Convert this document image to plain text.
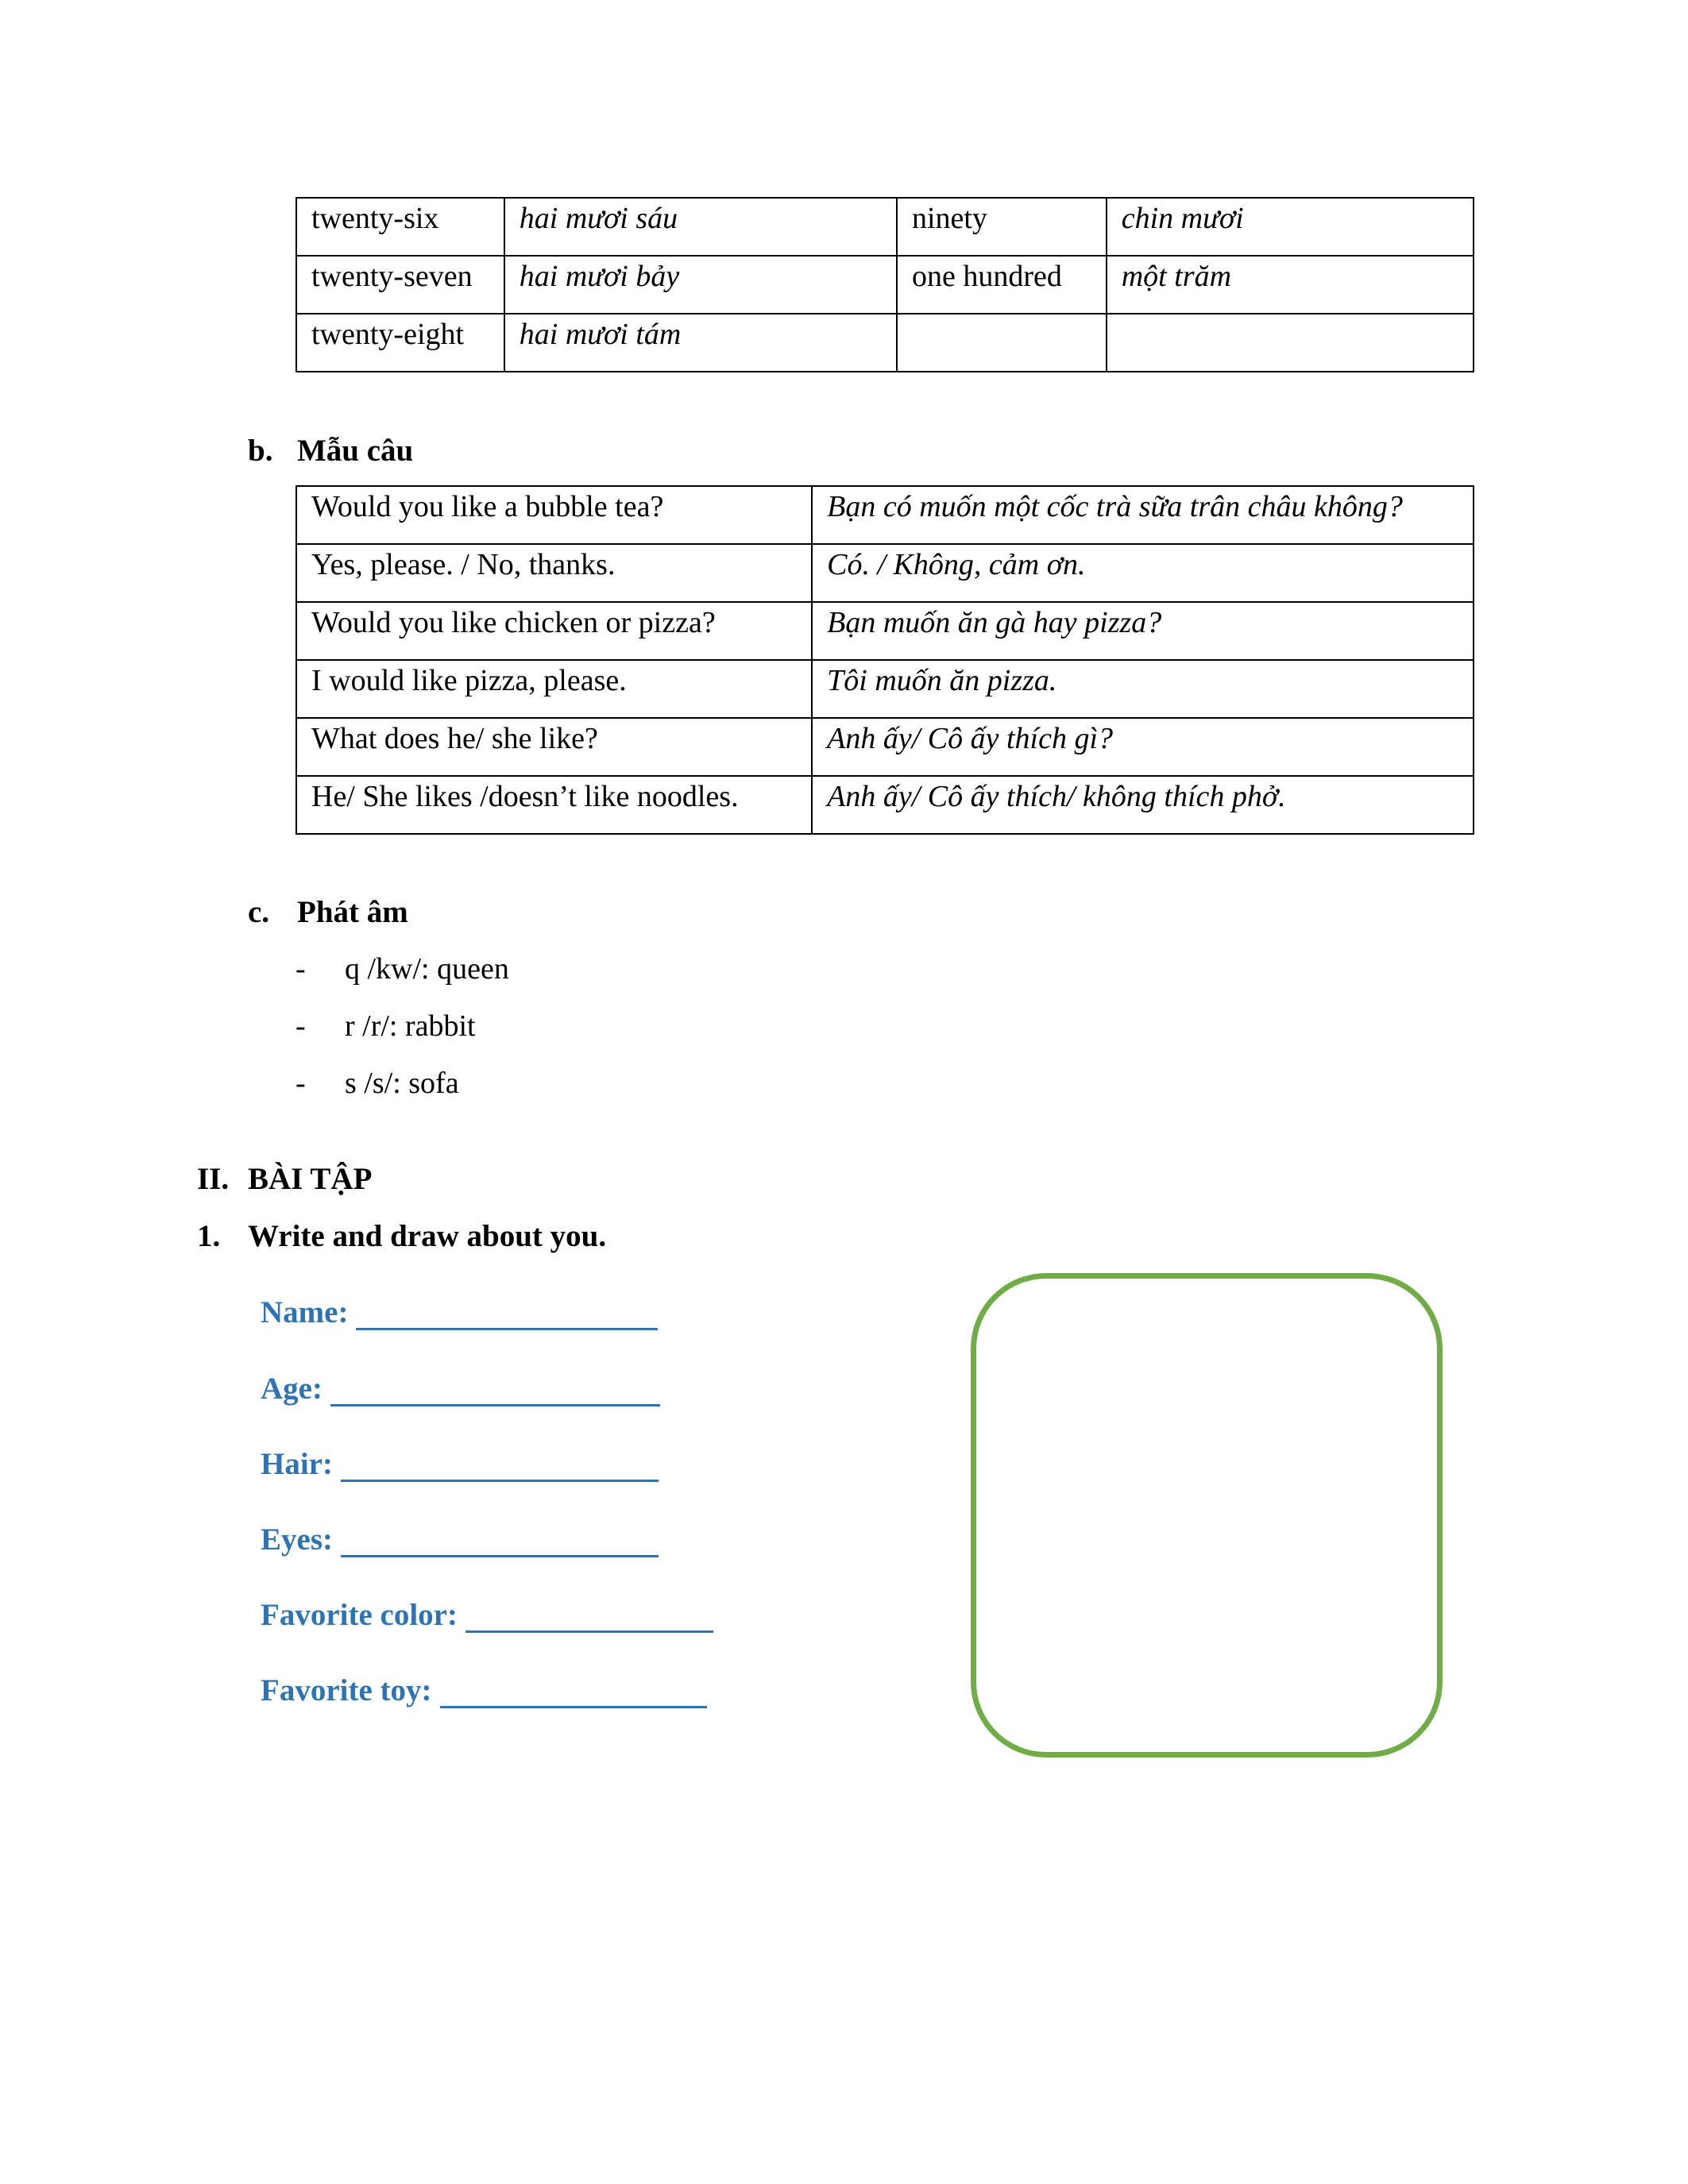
twenty-six	hai mươi sáu	ninety	chin mươi
twenty-seven	hai mươi bảy	one hundred	một trăm
twenty-eight	hai mươi tám		
b. Mẫu câu
Would you like a bubble tea?	Bạn có muốn một cốc trà sữa trân châu không?
Yes, please. / No, thanks.	Có. / Không, cảm ơn.
Would you like chicken or pizza?	Bạn muốn ăn gà hay pizza?
I would like pizza, please.	Tôi muốn ăn pizza.
What does he/ she like?	Anh ấy/ Cô ấy thích gì?
He/ She likes /doesn’t like noodles.	Anh ấy/ Cô ấy thích/ không thích phở.
c. Phát âm
- q /kw/: queen
- r /r/: rabbit
- s /s/: sofa
II. BÀI TẬP
1. Write and draw about you.
Name:
Age:
Hair:
Eyes:
Favorite color:
Favorite toy:
